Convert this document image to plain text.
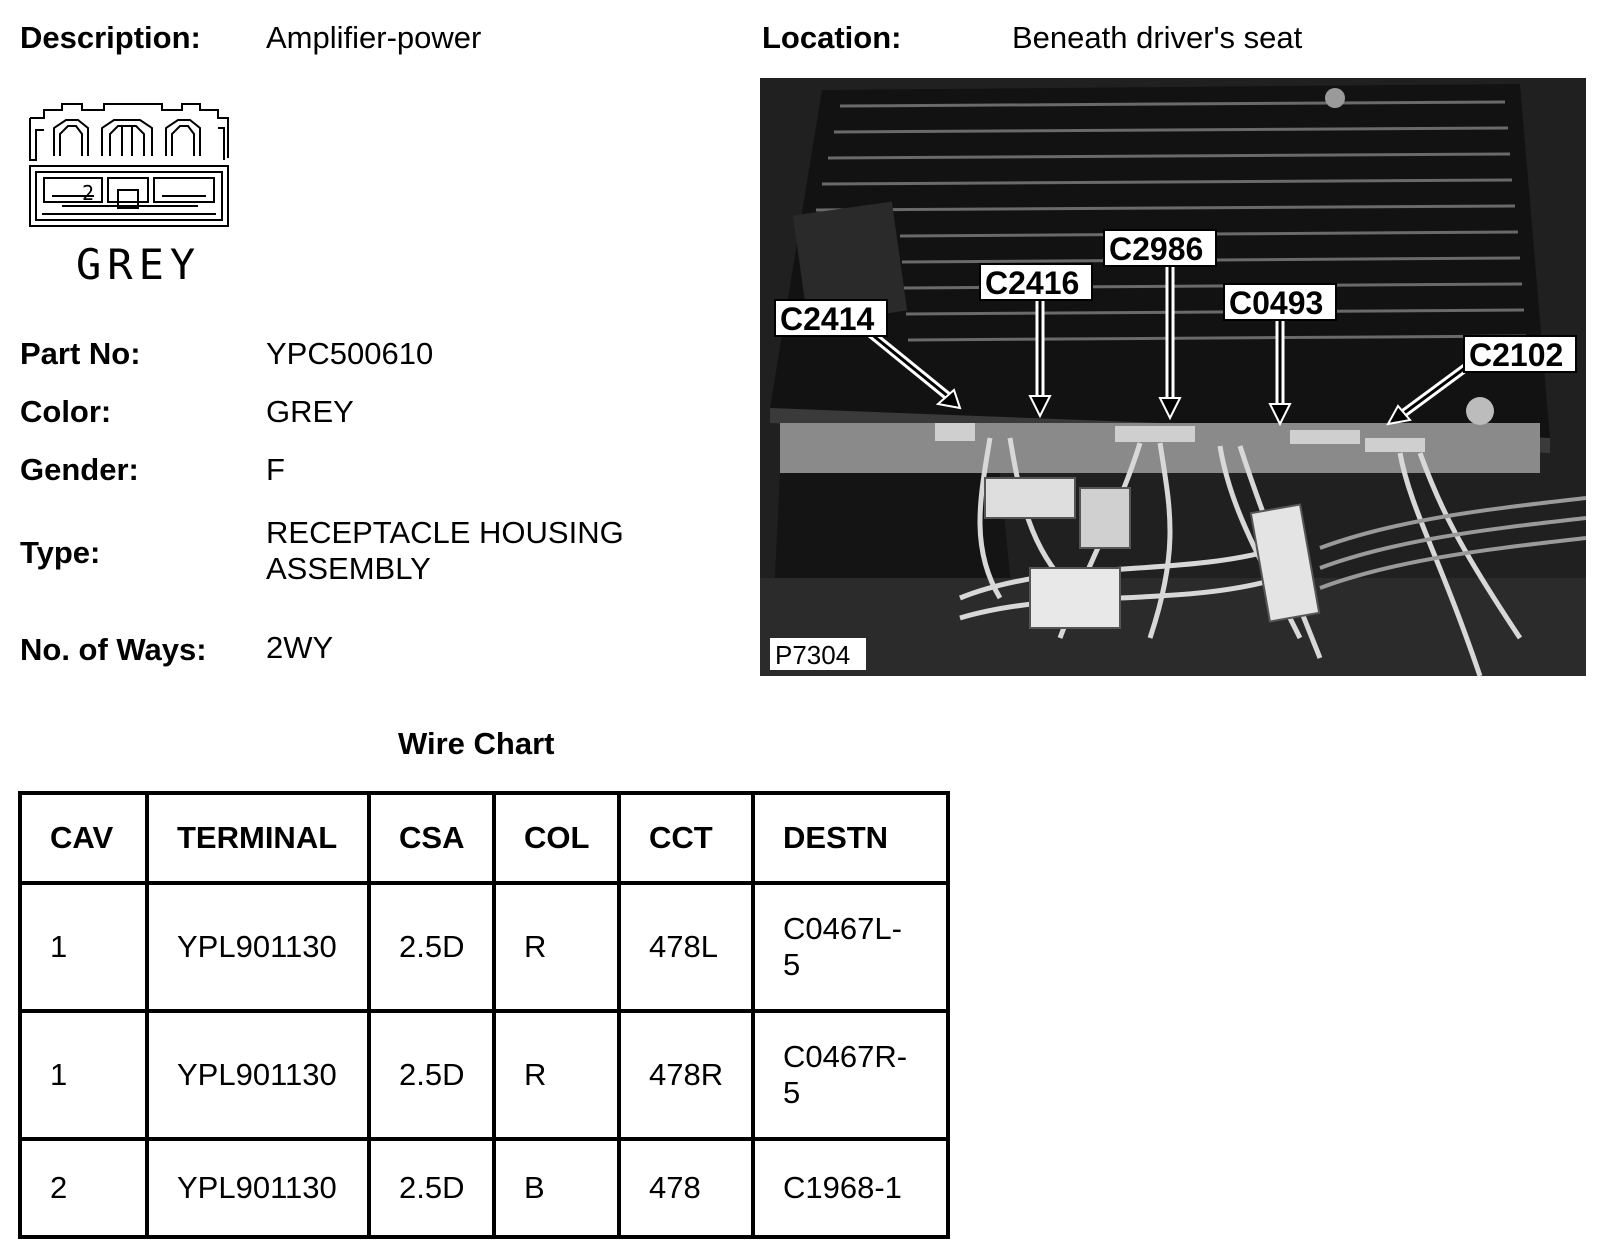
Description: Amplifier-power	Location:	Beneath driver's seat
2
GREY
Part No:	YPC500610
Color:	GREY
Gender:	F
Type:
RECEPTACLE HOUSING
ASSEMBLY
No. of Ways: 2WY
C2414
C2416
C2986
C0493
C2102
P7304
Wire Chart
CAV	TERMINAL	CSA	COL	CCT	DESTN
1	YPL901130	2.5D	R	478L	C0467L-5

1	YPL901130	2.5D	R	478R	C0467R-5

2	YPL901130	2.5D	B	478	C1968-1
